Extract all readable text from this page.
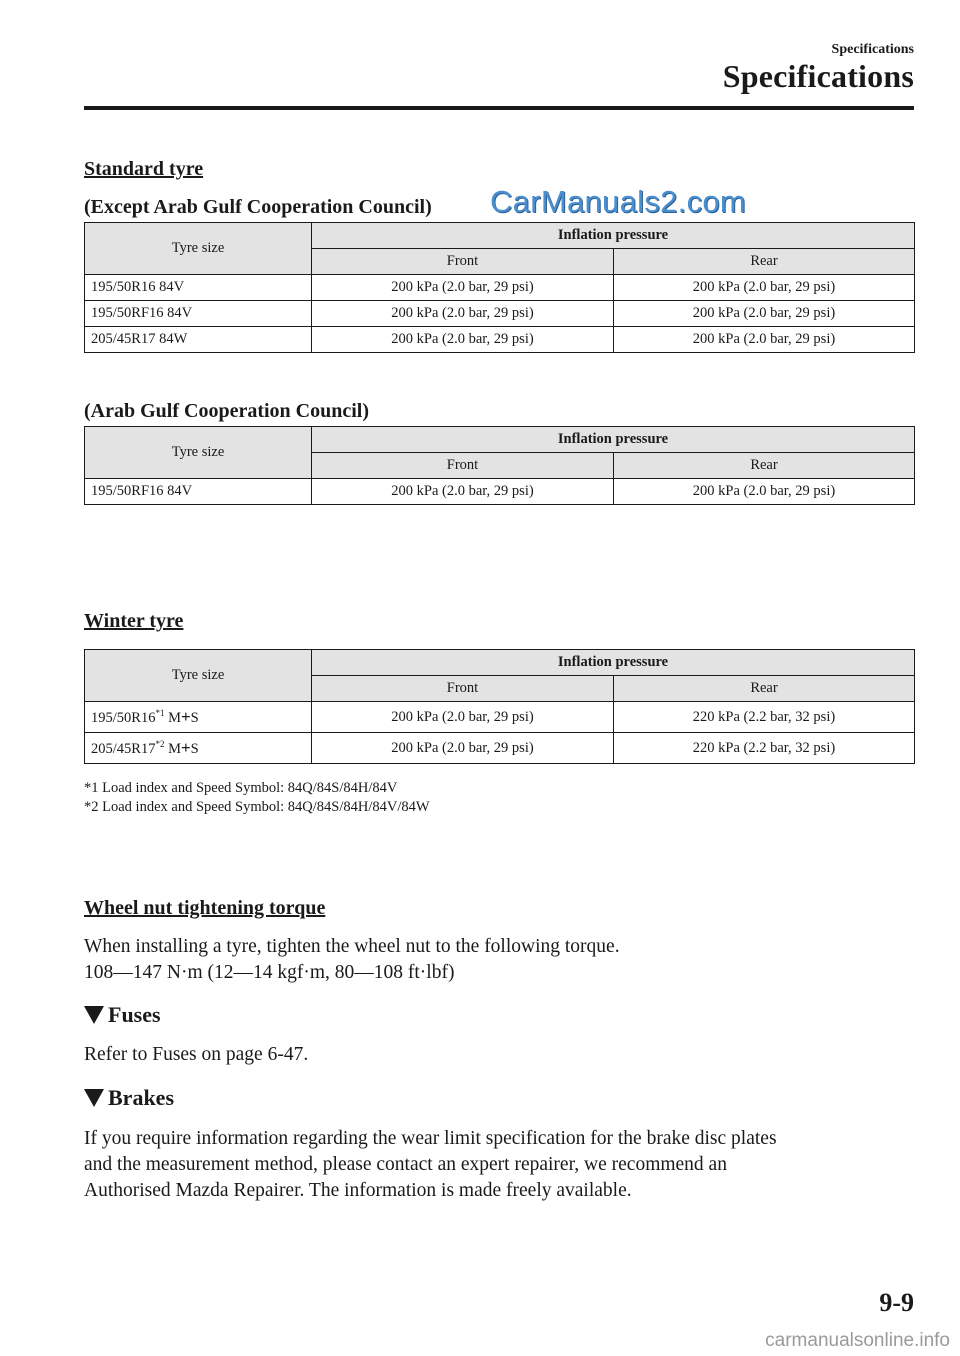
Specifications
Specifications
Standard tyre
(Except Arab Gulf Cooperation Council) CarManuals2.com
Tyre size	Inflation pressure	
	Front	Rear
195/50R16 84V	200 kPa (2.0 bar, 29 psi)	200 kPa (2.0 bar, 29 psi)
195/50RF16 84V	200 kPa (2.0 bar, 29 psi)	200 kPa (2.0 bar, 29 psi)
205/45R17 84W	200 kPa (2.0 bar, 29 psi)	200 kPa (2.0 bar, 29 psi)
(Arab Gulf Cooperation Council)
Tyre size	Inflation pressure	
	Front	Rear
195/50RF16 84V	200 kPa (2.0 bar, 29 psi)	200 kPa (2.0 bar, 29 psi)
Winter tyre
Tyre size	Inflation pressure	
	Front	Rear
195/50R16$^{*1}$ M+S	200 kPa (2.0 bar, 29 psi)	220 kPa (2.2 bar, 32 psi)
205/45R17$^{*2}$ M+S	200 kPa (2.0 bar, 29 psi)	220 kPa (2.2 bar, 32 psi)
*1 Load index and Speed Symbol: 84Q/84S/84H/84V
*2 Load index and Speed Symbol: 84Q/84S/84H/84V/84W
Wheel nut tightening torque
When installing a tyre, tighten the wheel nut to the following torque.
108—147 N·m (12—14 kgf·m, 80—108 ft·lbf)
Fuses
Refer to Fuses on page 6-47.
Brakes
If you require information regarding the wear limit specification for the brake disc plates
and the measurement method, please contact an expert repairer, we recommend an
Authorised Mazda Repairer. The information is made freely available.
9-9
carmanualsonline.info
